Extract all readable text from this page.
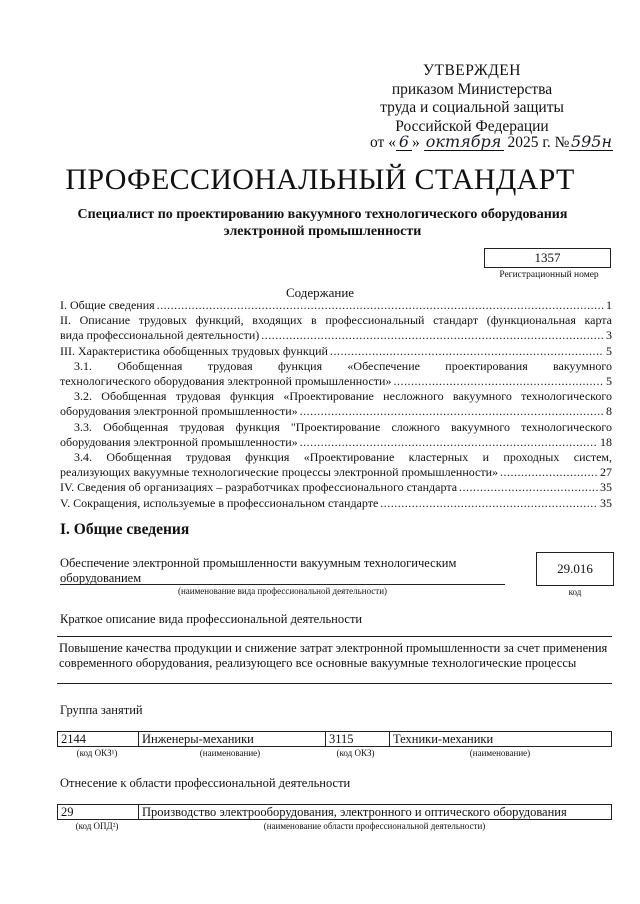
УТВЕРЖДЕН
приказом Министерства
труда и социальной защиты
Российской Федерации
от « 6 » октября 2025 г. №595н
ПРОФЕССИОНАЛЬНЫЙ СТАНДАРТ
Специалист по проектированию вакуумного технологического оборудования электронной промышленности
1357
Регистрационный номер
Содержание
I. Общие сведения .....	1
II. Описание трудовых функций, входящих в профессиональный стандарт (функциональная карта
вида профессиональной деятельности) .....	3
III. Характеристика обобщенных трудовых функций .....	5
3.1. Обобщенная трудовая функция «Обеспечение проектирования вакуумного
технологического оборудования электронной промышленности» .....	5
3.2. Обобщенная трудовая функция «Проектирование несложного вакуумного технологического
оборудования электронной промышленности» .....	8
3.3. Обобщенная трудовая функция "Проектирование сложного вакуумного технологического
оборудования электронной промышленности» .....	18
3.4. Обобщенная трудовая функция «Проектирование кластерных и проходных систем,
реализующих вакуумные технологические процессы электронной промышленности» .....	27
IV. Сведения об организациях – разработчиках профессионального стандарта .....	35
V. Сокращения, используемые в профессиональном стандарте .....	35
I. Общие сведения
Обеспечение электронной промышленности вакуумным технологическим оборудованием
(наименование вида профессиональной деятельности)
29.016
код
Краткое описание вида профессиональной деятельности
Повышение качества продукции и снижение затрат электронной промышленности за счет применения современного оборудования, реализующего все основные вакуумные технологические процессы
Группа занятий
2144	Инженеры-механики	3115	Техники-механики
(код ОКЗ¹)	(наименование)	(код ОКЗ)	(наименование)
Отнесение к области профессиональной деятельности
29	Производство электрооборудования, электронного и оптического оборудования
(код ОПД²)	(наименование области профессиональной деятельности)
